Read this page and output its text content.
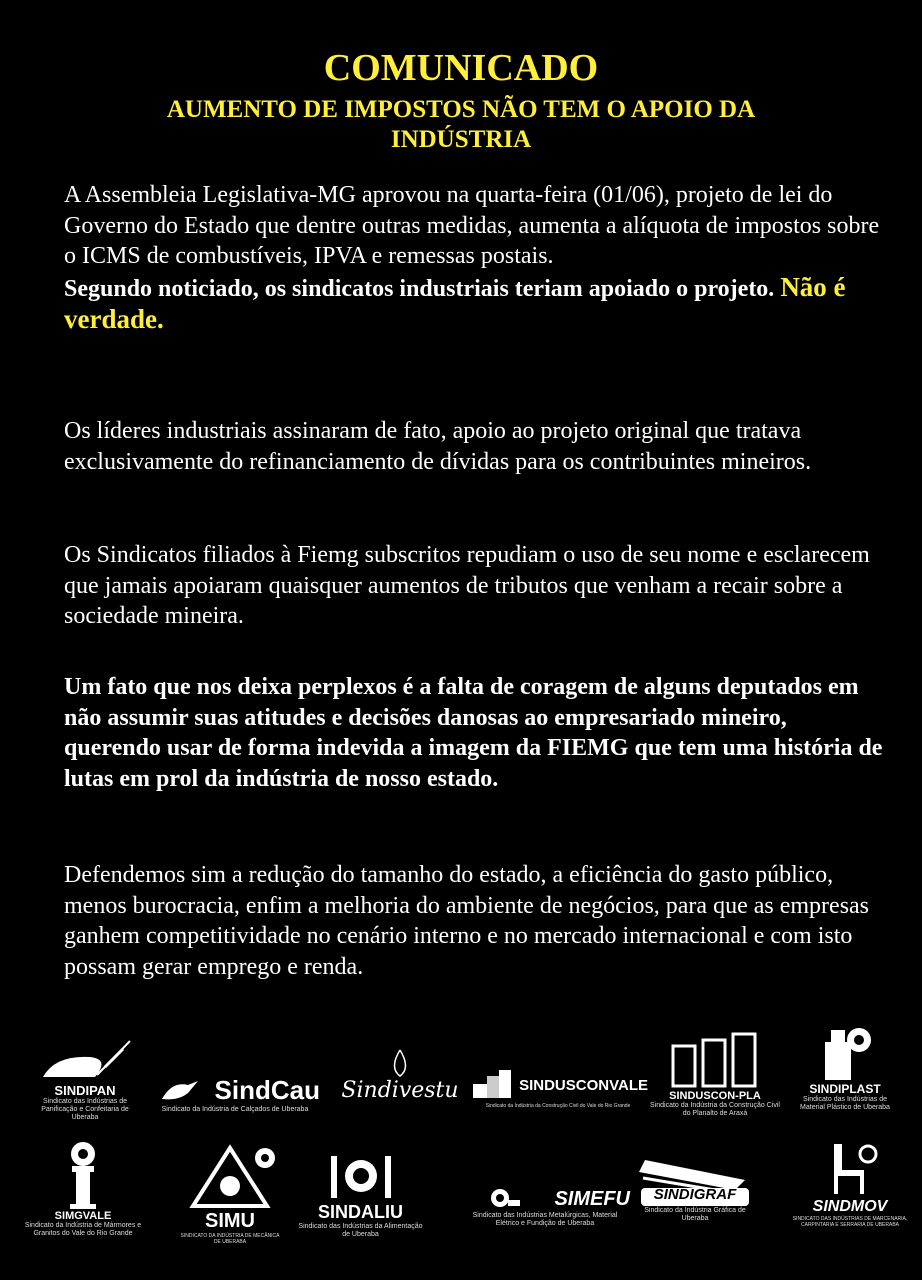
COMUNICADO
AUMENTO DE IMPOSTOS NÃO TEM O APOIO DA
INDÚSTRIA
A Assembleia Legislativa-MG aprovou na quarta-feira (01/06), projeto de lei do Governo do Estado que dentre outras medidas, aumenta a alíquota de impostos sobre o ICMS de combustíveis, IPVA e remessas postais.
Segundo noticiado, os sindicatos industriais teriam apoiado o projeto. Não é verdade.
Os líderes industriais assinaram de fato, apoio ao projeto original que tratava exclusivamente do refinanciamento de dívidas para os contribuintes mineiros.
Os Sindicatos filiados à Fiemg subscritos repudiam o uso de seu nome e esclarecem que jamais apoiaram quaisquer aumentos de tributos que venham a recair sobre a sociedade mineira.
Um fato que nos deixa perplexos é a falta de coragem de alguns deputados em não assumir suas atitudes e decisões danosas ao empresariado mineiro, querendo usar de forma indevida a imagem da FIEMG que tem uma história de lutas em prol da indústria de nosso estado.
Defendemos sim a redução do tamanho do estado, a eficiência do gasto público, menos burocracia, enfim a melhoria do ambiente de negócios, para que as empresas ganhem competitividade no cenário interno e no mercado internacional e com isto possam gerar emprego e renda.
SINDIPAN
Sindicato das Indústrias de Panificação e Confeitaria de Uberaba
SindCau
Sindicato da Indústria de Calçados de Uberaba
Sindivestu	SINDUSCONVALE
Sindicato da Indústria da Construção Civil do Vale do Rio Grande
SINDUSCON-PLA
Sindicato da Indústria da Construção Civil do Planalto de Araxá
SINDIPLAST
Sindicato das Indústrias de Material Plástico de Uberaba
SIMGVALE
Sindicato da Indústria de Mármores e Granitos do Vale do Rio Grande
SIMU
SINDICATO DA INDÚSTRIA DE MECÂNICA DE UBERABA
SINDALIU
Sindicato das Indústrias da Alimentação de Uberaba
SIMEFU
Sindicato das Indústrias Metalúrgicas, Material Elétrico e Fundição de Uberaba
SINDIGRAF
Sindicato da Indústria Gráfica de Uberaba
SINDMOV
SINDICATO DAS INDÚSTRIAS DE MARCENARIA, CARPINTARIA E SERRARIA DE UBERABA
